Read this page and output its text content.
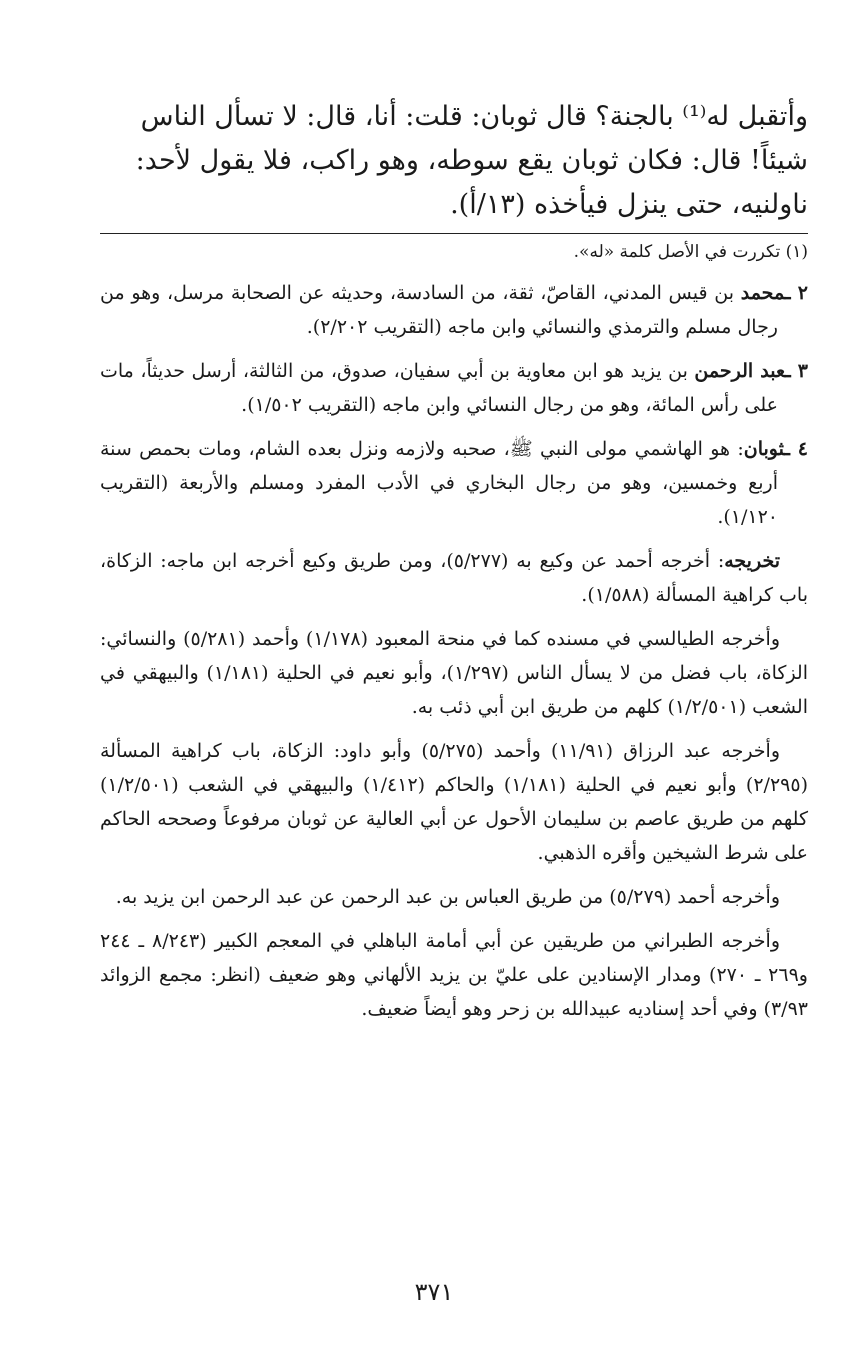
وأتقبل له⁽¹⁾ بالجنة؟ قال ثوبان: قلت: أنا، قال: لا تسأل الناس

شيئاً! قال: فكان ثوبان يقع سوطه، وهو راكب، فلا يقول لأحد:

ناولنيه، حتى ينزل فيأخذه (١٣/أ).

(١) تكررت في الأصل كلمة «له».

٢ ـمحمد بن قيس المدني، القاصّ، ثقة، من السادسة، وحديثه عن الصحابة مرسل، وهو من رجال مسلم والترمذي والنسائي وابن ماجه (التقريب ٢/٢٠٢).

٣ ـعبد الرحمن بن يزيد هو ابن معاوية بن أبي سفيان، صدوق، من الثالثة، أرسل حديثاً، مات على رأس المائة، وهو من رجال النسائي وابن ماجه (التقريب ١/٥٠٢).

٤ ـثوبان: هو الهاشمي مولى النبي ﷺ، صحبه ولازمه ونزل بعده الشام، ومات بحمص سنة أربع وخمسين، وهو من رجال البخاري في الأدب المفرد ومسلم والأربعة (التقريب ١/١٢٠).

تخريجه: أخرجه أحمد عن وكيع به (٥/٢٧٧)، ومن طريق وكيع أخرجه ابن ماجه: الزكاة، باب كراهية المسألة (١/٥٨٨).

وأخرجه الطيالسي في مسنده كما في منحة المعبود (١/١٧٨) وأحمد (٥/٢٨١) والنسائي: الزكاة، باب فضل من لا يسأل الناس (١/٢٩٧)، وأبو نعيم في الحلية (١/١٨١) والبيهقي في الشعب (١/٢/٥٠١) كلهم من طريق ابن أبي ذئب به.

وأخرجه عبد الرزاق (١١/٩١) وأحمد (٥/٢٧٥) وأبو داود: الزكاة، باب كراهية المسألة (٢/٢٩٥) وأبو نعيم في الحلية (١/١٨١) والحاكم (١/٤١٢) والبيهقي في الشعب (١/٢/٥٠١) كلهم من طريق عاصم بن سليمان الأحول عن أبي العالية عن ثوبان مرفوعاً وصححه الحاكم على شرط الشيخين وأقره الذهبي.

وأخرجه أحمد (٥/٢٧٩) من طريق العباس بن عبد الرحمن عن عبد الرحمن ابن يزيد به.

وأخرجه الطبراني من طريقين عن أبي أمامة الباهلي في المعجم الكبير (٨/٢٤٣ ـ ٢٤٤ و٢٦٩ ـ ٢٧٠) ومدار الإسنادين على عليّ بن يزيد الألهاني وهو ضعيف (انظر: مجمع الزوائد ٣/٩٣) وفي أحد إسناديه عبيدالله بن زحر وهو أيضاً ضعيف.

٣٧١
